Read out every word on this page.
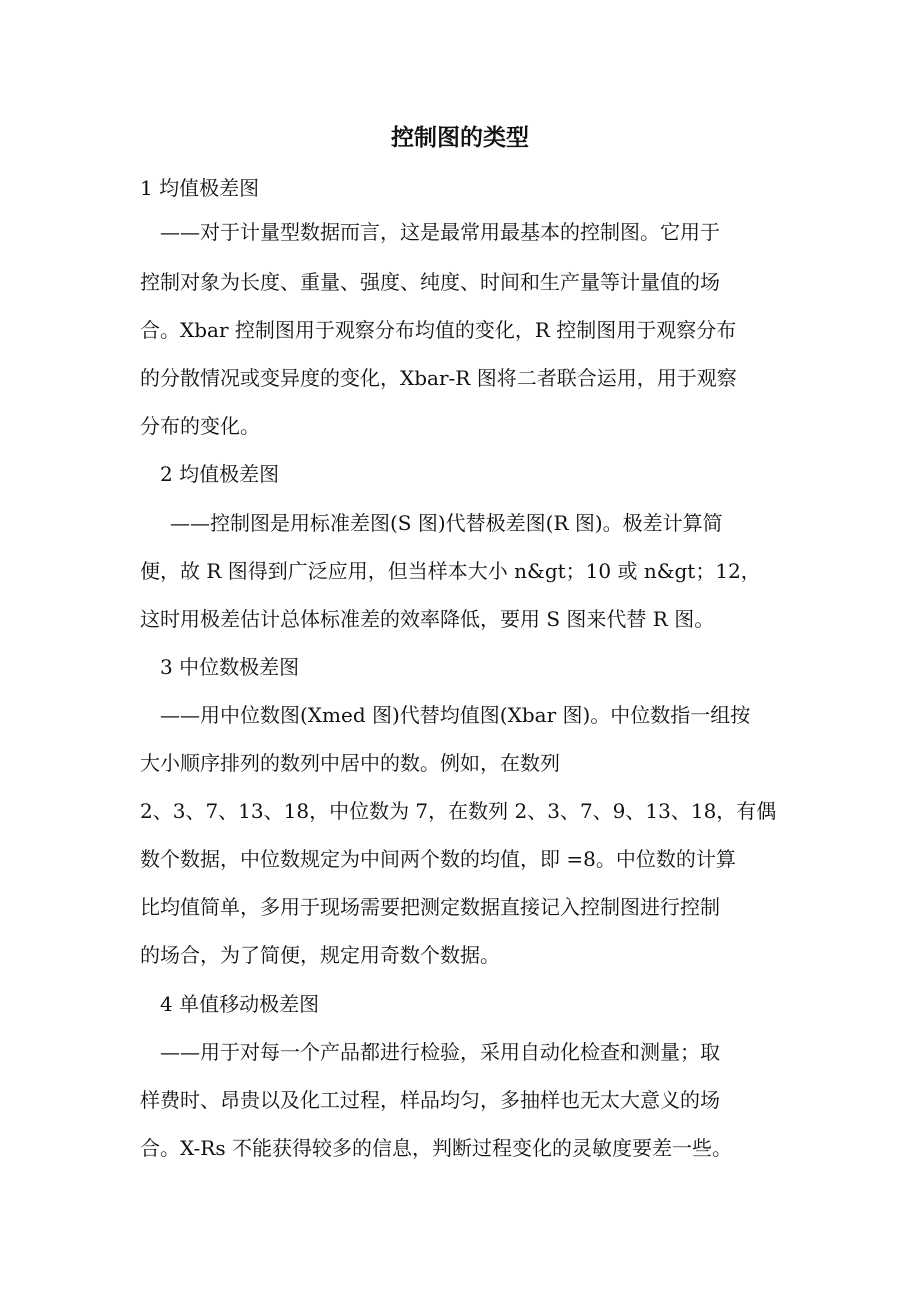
控制图的类型

1 均值极差图

——对于计量型数据而言，这是最常用最基本的控制图。它用于

控制对象为长度、重量、强度、纯度、时间和生产量等计量值的场

合。Xbar 控制图用于观察分布均值的变化，R 控制图用于观察分布

的分散情况或变异度的变化，Xbar-R 图将二者联合运用，用于观察

分布的变化。

2 均值极差图

——控制图是用标准差图(S 图)代替极差图(R 图)。极差计算简

便，故 R 图得到广泛应用，但当样本大小 n&gt；10 或 n&gt；12，

这时用极差估计总体标准差的效率降低，要用 S 图来代替 R 图。

3 中位数极差图

——用中位数图(Xmed 图)代替均值图(Xbar 图)。中位数指一组按

大小顺序排列的数列中居中的数。例如，在数列

2、3、7、13、18，中位数为 7，在数列 2、3、7、9、13、18，有偶

数个数据，中位数规定为中间两个数的均值，即 =8。中位数的计算

比均值简单，多用于现场需要把测定数据直接记入控制图进行控制

的场合，为了简便，规定用奇数个数据。

4 单值移动极差图

——用于对每一个产品都进行检验，采用自动化检查和测量；取

样费时、昂贵以及化工过程，样品均匀，多抽样也无太大意义的场

合。X-Rs 不能获得较多的信息，判断过程变化的灵敏度要差一些。
